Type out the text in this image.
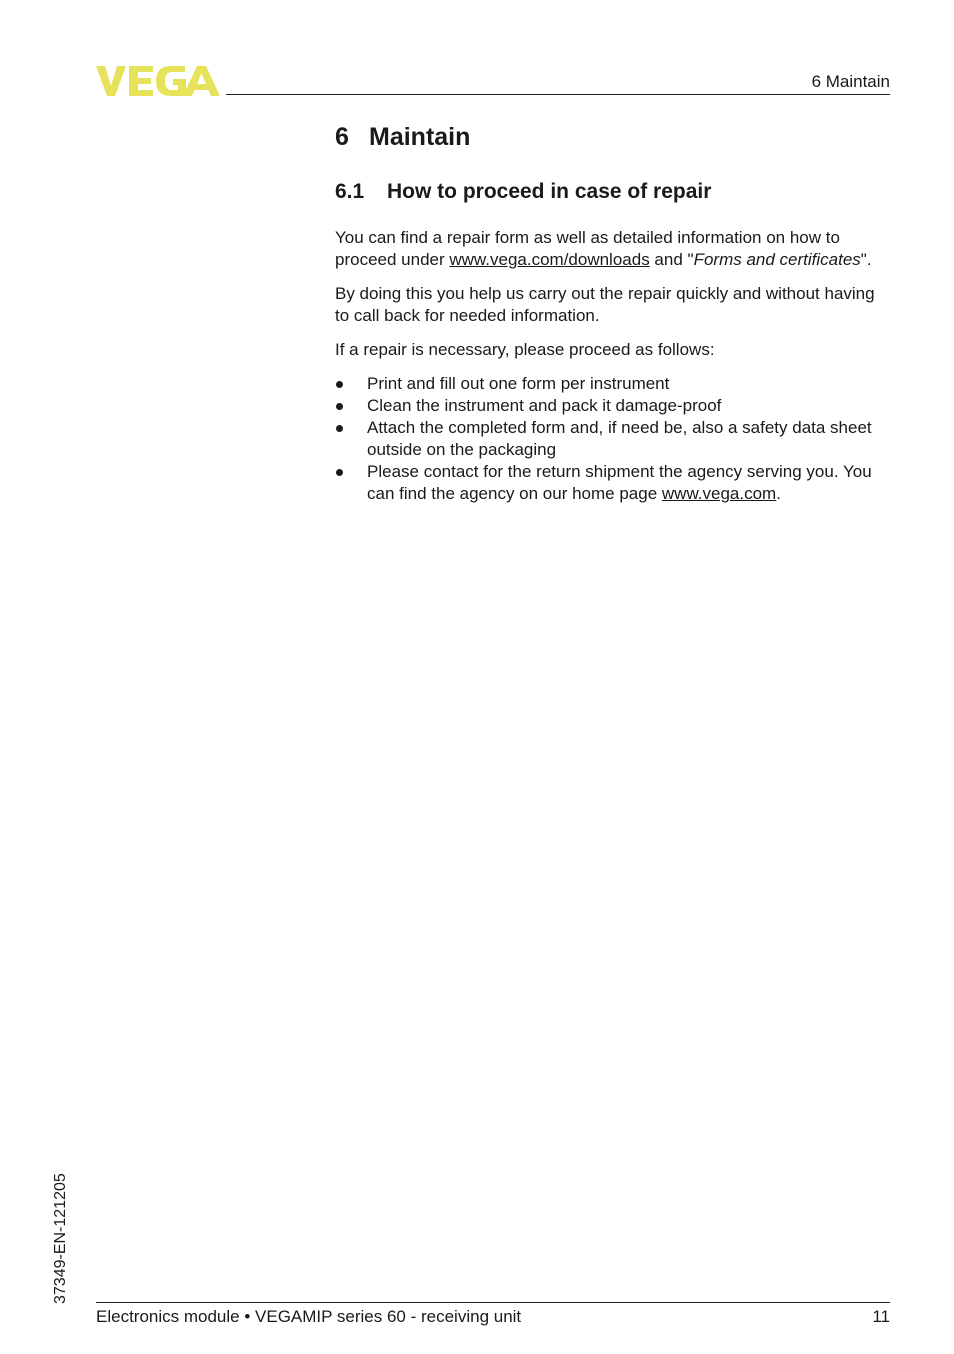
6 Maintain
6 Maintain
6.1 How to proceed in case of repair

You can find a repair form as well as detailed information on how to proceed under www.vega.com/downloads and "Forms and certificates".

By doing this you help us carry out the repair quickly and without having to call back for needed information.

If a repair is necessary, please proceed as follows:

Print and fill out one form per instrument
Clean the instrument and pack it damage-proof
Attach the completed form and, if need be, also a safety data sheet outside on the packaging
Please contact for the return shipment the agency serving you. You can find the agency on our home page www.vega.com.
37349-EN-121205
Electronics module • VEGAMIP series 60 - receiving unit	11
